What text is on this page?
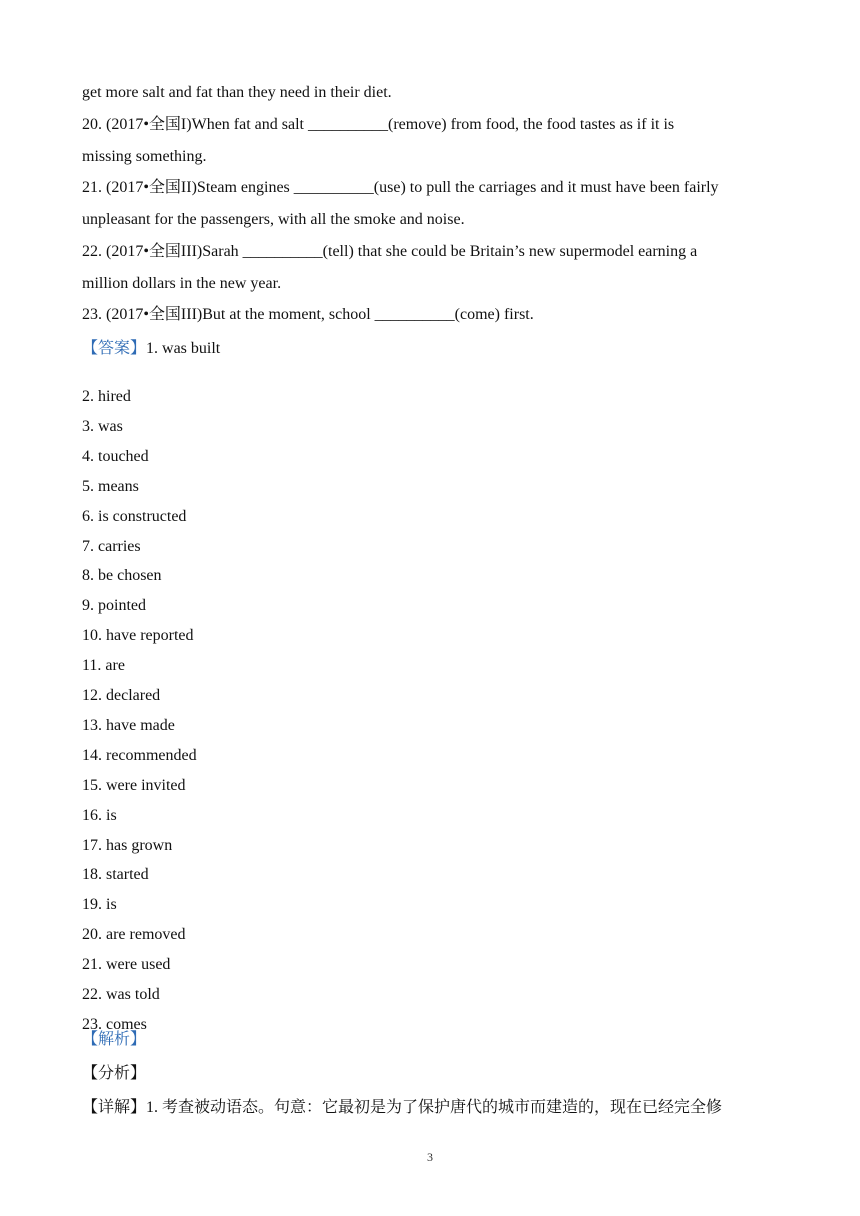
get more salt and fat than they need in their diet.

20. (2017•全国I)When fat and salt __________(remove) from food, the food tastes as if it is

missing something.

21. (2017•全国II)Steam engines __________(use) to pull the carriages and it must have been fairly

unpleasant for the passengers, with all the smoke and noise.

22. (2017•全国III)Sarah __________(tell) that she could be Britain’s new supermodel earning a

million dollars in the new year.

23. (2017•全国III)But at the moment, school __________(come) first.

【答案】1. was built

2. hired

3. was

4. touched

5. means

6. is constructed

7. carries

8. be chosen

9. pointed

10. have reported

11. are

12. declared

13. have made

14. recommended

15. were invited

16. is

17. has grown

18. started

19. is

20. are removed

21. were used

22. was told

23. comes

【解析】

【分析】

【详解】1. 考查被动语态。句意：它最初是为了保护唐代的城市而建造的，现在已经完全修

3
